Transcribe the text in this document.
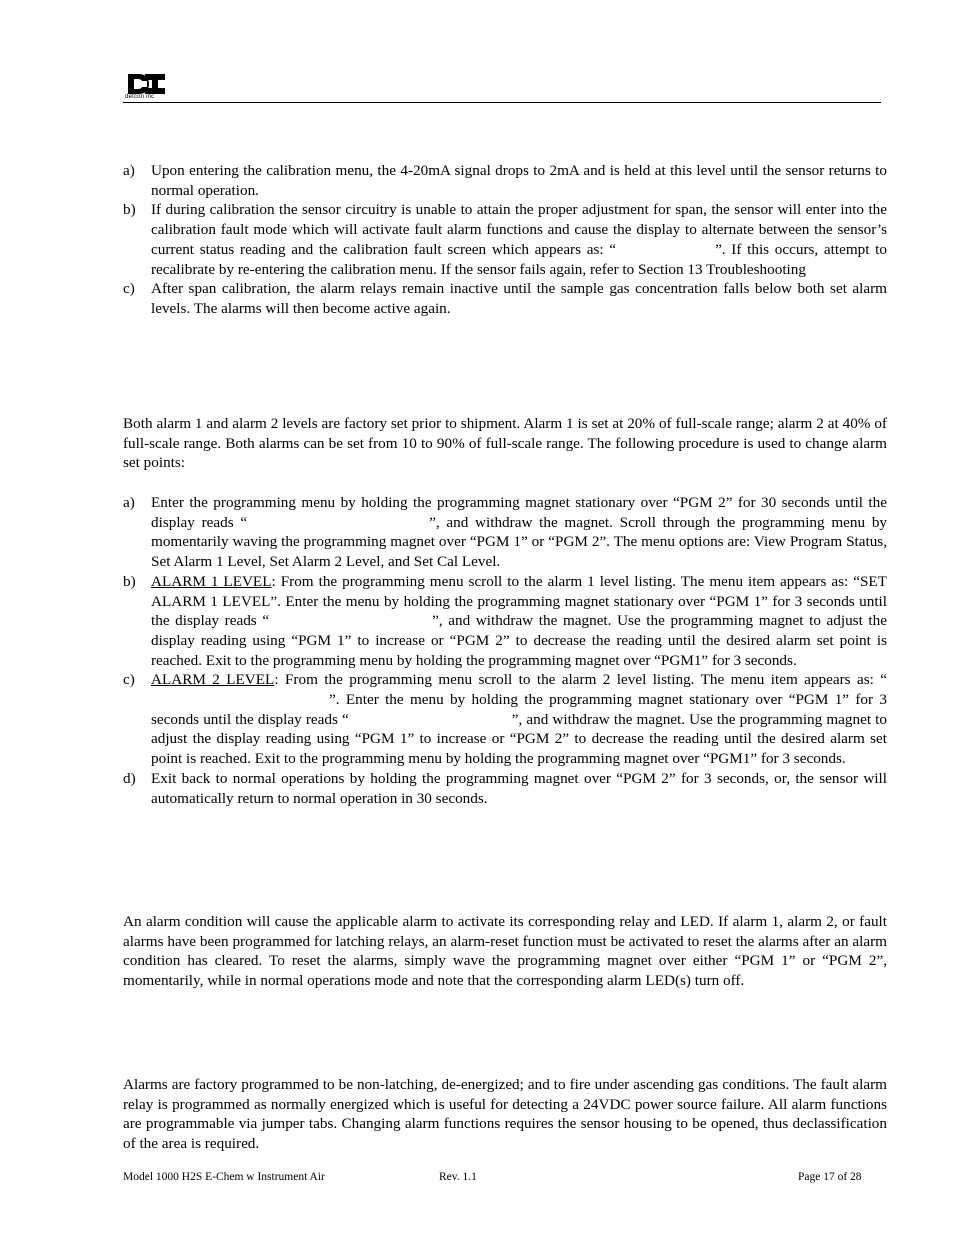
detcon inc
a) Upon entering the calibration menu, the 4-20mA signal drops to 2mA and is held at this level until the sensor returns to normal operation.

b) If during calibration the sensor circuitry is unable to attain the proper adjustment for span, the sensor will enter into the calibration fault mode which will activate fault alarm functions and cause the display to alternate between the sensor’s current status reading and the calibration fault screen which appears as: “	”. If this occurs, attempt to recalibrate by re-entering the calibration menu. If the sensor fails again, refer to Section 13 Troubleshooting

c) After span calibration, the alarm relays remain inactive until the sample gas concentration falls below both set alarm levels. The alarms will then become active again.

Both alarm 1 and alarm 2 levels are factory set prior to shipment. Alarm 1 is set at 20% of full-scale range; alarm 2 at 40% of full-scale range. Both alarms can be set from 10 to 90% of full-scale range. The following procedure is used to change alarm set points:

a) Enter the programming menu by holding the programming magnet stationary over “PGM 2” for 30 seconds until the display reads “	”, and withdraw the magnet. Scroll through the programming menu by momentarily waving the programming magnet over “PGM 1” or “PGM 2”. The menu options are: View Program Status, Set Alarm 1 Level, Set Alarm 2 Level, and Set Cal Level.

b) ALARM 1 LEVEL: From the programming menu scroll to the alarm 1 level listing. The menu item appears as: “SET ALARM 1 LEVEL”. Enter the menu by holding the programming magnet stationary over “PGM 1” for 3 seconds until the display reads “	”, and withdraw the magnet. Use the programming magnet to adjust the display reading using “PGM 1” to increase or “PGM 2” to decrease the reading until the desired alarm set point is reached. Exit to the programming menu by holding the programming magnet over “PGM1” for 3 seconds.

c) ALARM 2 LEVEL: From the programming menu scroll to the alarm 2 level listing. The menu item appears as: “”. Enter the menu by holding the programming magnet stationary over “PGM 1” for 3 seconds until the display reads “	”, and withdraw the magnet. Use the programming magnet to adjust the display reading using “PGM 1” to increase or “PGM 2” to decrease the reading until the desired alarm set point is reached. Exit to the programming menu by holding the programming magnet over “PGM1” for 3 seconds.

d) Exit back to normal operations by holding the programming magnet over “PGM 2” for 3 seconds, or, the sensor will automatically return to normal operation in 30 seconds.

An alarm condition will cause the applicable alarm to activate its corresponding relay and LED. If alarm 1, alarm 2, or fault alarms have been programmed for latching relays, an alarm-reset function must be activated to reset the alarms after an alarm condition has cleared. To reset the alarms, simply wave the programming magnet over either “PGM 1” or “PGM 2”, momentarily, while in normal operations mode and note that the corresponding alarm LED(s) turn off.

Alarms are factory programmed to be non-latching, de-energized; and to fire under ascending gas conditions. The fault alarm relay is programmed as normally energized which is useful for detecting a 24VDC power source failure. All alarm functions are programmable via jumper tabs. Changing alarm functions requires the sensor housing to be opened, thus declassification of the area is required.

Model 1000 H2S E-Chem w Instrument Air	Rev. 1.1	Page 17 of 28
